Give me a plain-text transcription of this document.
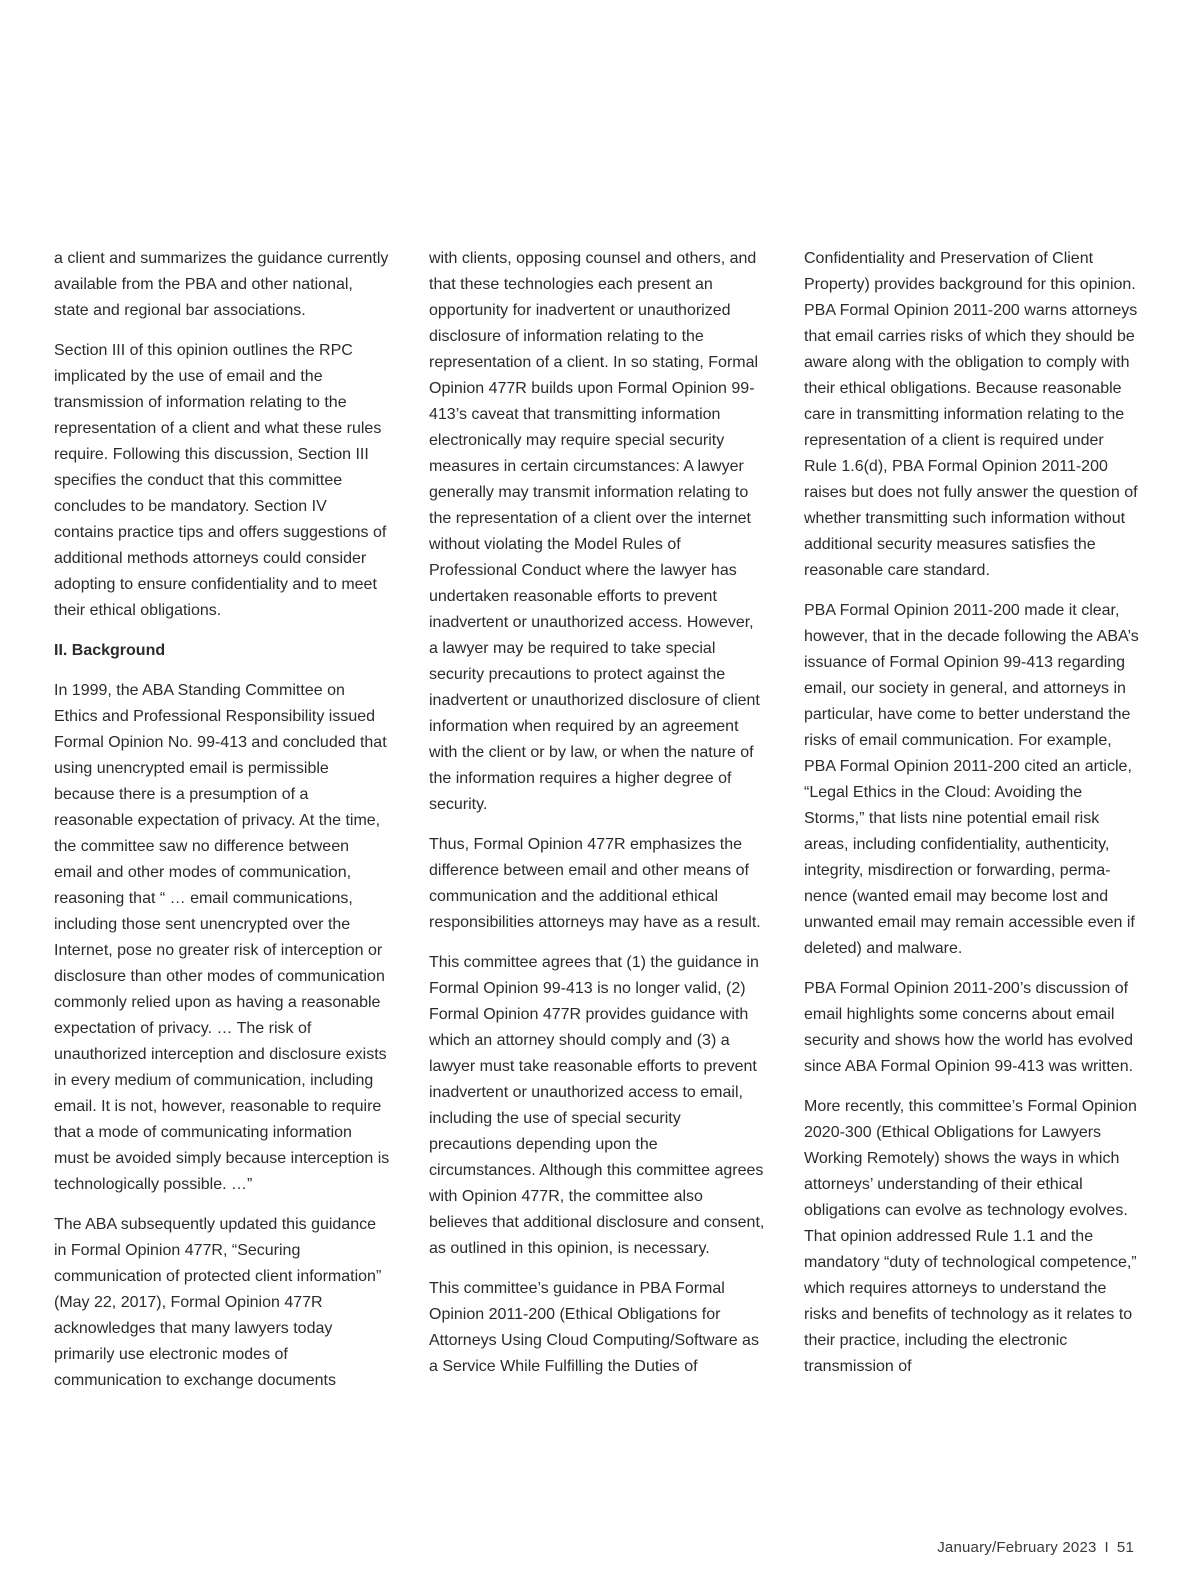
a client and summarizes the guidance currently available from the PBA and other national, state and regional bar associations.

Section III of this opinion outlines the RPC implicated by the use of email and the transmission of information relating to the representation of a client and what these rules require. Following this discussion, Section III specifies the conduct that this committee concludes to be mandatory. Section IV contains practice tips and offers suggestions of additional methods attorneys could consider adopting to ensure confidentiality and to meet their ethical obligations.

II. Background

In 1999, the ABA Standing Committee on Ethics and Professional Responsibility issued Formal Opinion No. 99-413 and concluded that using unencrypted email is permissible because there is a presumption of a reasonable expectation of privacy. At the time, the committee saw no difference between email and other modes of communication, reasoning that “ … email communications, including those sent unencrypted over the Internet, pose no greater risk of interception or disclosure than other modes of communication commonly relied upon as having a reasonable expectation of privacy. … The risk of unauthorized interception and disclosure exists in every medium of communication, including email. It is not, however, reasonable to require that a mode of communicating information must be avoided simply because interception is technologically possible. …”

The ABA subsequently updated this guidance in Formal Opinion 477R, “Securing communication of protected client information” (May 22, 2017), Formal Opinion 477R acknowledges that many lawyers today primarily use electronic modes of communication to exchange documents

with clients, opposing counsel and others, and that these technologies each present an opportunity for inadvertent or unauthorized disclosure of information relating to the representation of a client. In so stating, Formal Opinion 477R builds upon Formal Opinion 99-413’s caveat that transmitting information electronically may require special security measures in certain circumstances: A lawyer generally may transmit information relating to the representation of a client over the internet without violating the Model Rules of Professional Conduct where the lawyer has undertaken reasonable efforts to prevent inadvertent or unauthorized access. However, a lawyer may be required to take special security precautions to protect against the inadvertent or unauthorized disclosure of client information when required by an agreement with the client or by law, or when the nature of the information requires a higher degree of security.

Thus, Formal Opinion 477R emphasizes the difference between email and other means of communication and the additional ethical responsibilities attorneys may have as a result.

This committee agrees that (1) the guidance in Formal Opinion 99-413 is no longer valid, (2) Formal Opinion 477R provides guidance with which an attorney should comply and (3) a lawyer must take reasonable efforts to prevent inadvertent or unauthorized access to email, including the use of special security precautions depending upon the circumstances. Although this committee agrees with Opinion 477R, the committee also believes that additional disclosure and consent, as outlined in this opinion, is necessary.

This committee’s guidance in PBA Formal Opinion 2011-200 (Ethical Obligations for Attorneys Using Cloud Computing/Software as a Service While Fulfilling the Duties of

Confidentiality and Preservation of Client Property) provides background for this opinion. PBA Formal Opinion 2011-200 warns attorneys that email carries risks of which they should be aware along with the obligation to comply with their ethical obligations. Because reasonable care in transmitting information relating to the representation of a client is required under Rule 1.6(d), PBA Formal Opinion 2011-200 raises but does not fully answer the question of whether transmitting such information without additional security measures satisfies the reasonable care standard.

PBA Formal Opinion 2011-200 made it clear, however, that in the decade following the ABA’s issuance of Formal Opinion 99-413 regarding email, our society in general, and attorneys in particular, have come to better understand the risks of email communication. For example, PBA Formal Opinion 2011-200 cited an article, “Legal Ethics in the Cloud: Avoiding the Storms,” that lists nine potential email risk areas, including confidentiality, authenticity, integrity, misdirection or forwarding, permanence (wanted email may become lost and unwanted email may remain accessible even if deleted) and malware.

PBA Formal Opinion 2011-200’s discussion of email highlights some concerns about email security and shows how the world has evolved since ABA Formal Opinion 99-413 was written.

More recently, this committee’s Formal Opinion 2020-300 (Ethical Obligations for Lawyers Working Remotely) shows the ways in which attorneys’ understanding of their ethical obligations can evolve as technology evolves. That opinion addressed Rule 1.1 and the mandatory “duty of technological competence,” which requires attorneys to understand the risks and benefits of technology as it relates to their practice, including the electronic transmission of

January/February 2023 I 51
